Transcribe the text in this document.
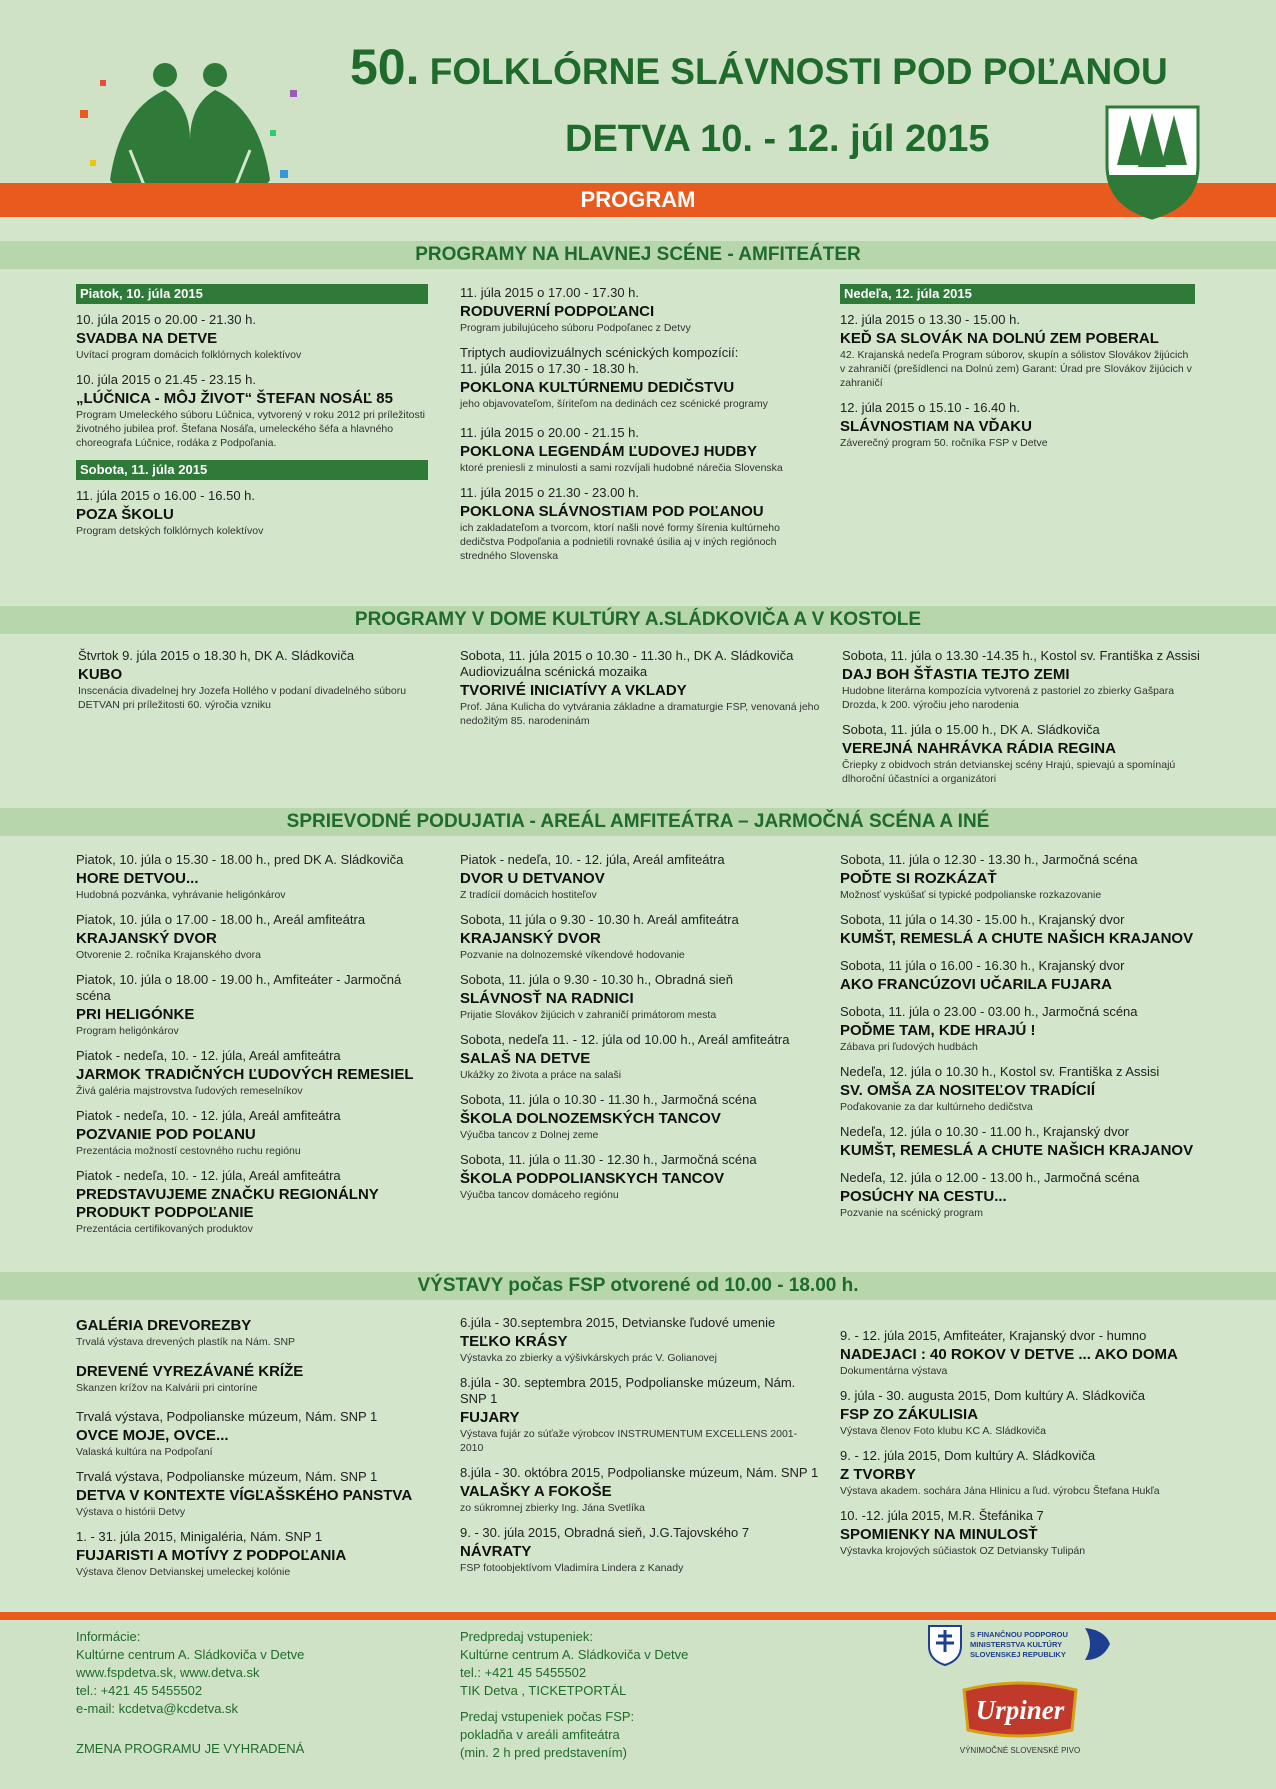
50. FOLKLÓRNE SLÁVNOSTI POD POĽANOU
DETVA 10. - 12. júl 2015
PROGRAM
PROGRAMY NA HLAVNEJ SCÉNE - AMFITEÁTER
Piatok, 10. júla 2015
10. júla 2015 o 20.00 - 21.30 h.
SVADBA NA DETVE
Uvítací program domácich folklórnych kolektívov
10. júla 2015 o 21.45 - 23.15 h.
„LÚČNICA - MÔJ ŽIVOT“ ŠTEFAN NOSÁĽ 85
Program Umeleckého súboru Lúčnica, vytvorený v roku 2012 pri príležitosti životného jubilea prof. Štefana Nosáľa, umeleckého šéfa a hlavného choreografa Lúčnice, rodáka z Podpoľania.
Sobota, 11. júla 2015
11. júla 2015 o 16.00 - 16.50 h.
POZA ŠKOLU
Program detských folklórnych kolektívov
11. júla 2015 o 17.00 - 17.30 h.
RODUVERNÍ PODPOĽANCI
Program jubilujúceho súboru Podpoľanec z Detvy
Triptych audiovizuálnych scénických kompozícií:
11. júla 2015 o 17.30 - 18.30 h.
POKLONA KULTÚRNEMU DEDIČSTVU
jeho objavovateľom, šíriteľom na dedinách cez scénické programy
11. júla 2015 o 20.00 - 21.15 h.
POKLONA LEGENDÁM ĽUDOVEJ HUDBY
ktoré preniesli z minulosti a sami rozvíjali hudobné nárečia Slovenska
11. júla 2015 o 21.30 - 23.00 h.
POKLONA SLÁVNOSTIAM POD POĽANOU
ich zakladateľom a tvorcom, ktorí našli nové formy šírenia kultúrneho dedičstva Podpoľania a podnietili rovnaké úsilia aj v iných regiónoch stredného Slovenska
Nedeľa, 12. júla 2015
12. júla 2015 o 13.30 - 15.00 h.
KEĎ SA SLOVÁK NA DOLNÚ ZEM POBERAL
42. Krajanská nedeľa Program súborov, skupín a sólistov Slovákov žijúcich v zahraničí (prešídlenci na Dolnú zem) Garant: Úrad pre Slovákov žijúcich v zahraničí
12. júla 2015 o 15.10 - 16.40 h.
SLÁVNOSTIAM NA VĎAKU
Záverečný program 50. ročníka FSP v Detve
PROGRAMY V DOME KULTÚRY A.SLÁDKOVIČA A V KOSTOLE
Štvrtok 9. júla 2015 o 18.30 h, DK A. Sládkoviča
KUBO
Inscenácia divadelnej hry Jozefa Hollého v podaní divadelného súboru DETVAN pri príležitosti 60. výročia vzniku
Sobota, 11. júla 2015 o 10.30 - 11.30 h., DK A. Sládkoviča
Audiovizuálna scénická mozaika
TVORIVÉ INICIATÍVY A VKLADY
Prof. Jána Kulicha do vytvárania základne a dramaturgie FSP, venovaná jeho nedožitým 85. narodeninám
Sobota, 11. júla o 13.30 -14.35 h., Kostol sv. Františka z Assisi
DAJ BOH ŠŤASTIA TEJTO ZEMI
Hudobne literárna kompozícia vytvorená z pastoriel zo zbierky Gašpara Drozda, k 200. výročiu jeho narodenia
Sobota, 11. júla o 15.00 h., DK A. Sládkoviča
VEREJNÁ NAHRÁVKA RÁDIA REGINA
Čriepky z obidvoch strán detvianskej scény Hrajú, spievajú a spomínajú dlhoroční účastníci a organizátori
SPRIEVODNÉ PODUJATIA - AREÁL AMFITEÁTRA – JARMOČNÁ SCÉNA A INÉ
Piatok, 10. júla o 15.30 - 18.00 h., pred DK A. Sládkoviča
HORE DETVOU...
Hudobná pozvánka, vyhrávanie heligónkárov
Piatok, 10. júla o 17.00 - 18.00 h., Areál amfiteátra
KRAJANSKÝ DVOR
Otvorenie 2. ročníka Krajanského dvora
Piatok, 10. júla o 18.00 - 19.00 h., Amfiteáter - Jarmočná scéna
PRI HELIGÓNKE
Program heligónkárov
Piatok - nedeľa, 10. - 12. júla, Areál amfiteátra
JARMOK TRADIČNÝCH ĽUDOVÝCH REMESIEL
Živá galéria majstrovstva ľudových remeselníkov
Piatok - nedeľa, 10. - 12. júla, Areál amfiteátra
POZVANIE POD POĽANU
Prezentácia možností cestovného ruchu regiónu
Piatok - nedeľa, 10. - 12. júla, Areál amfiteátra
PREDSTAVUJEME ZNAČKU REGIONÁLNY PRODUKT PODPOĽANIE
Prezentácia certifikovaných produktov
Piatok - nedeľa, 10. - 12. júla, Areál amfiteátra
DVOR U DETVANOV
Z tradícií domácich hostiteľov
Sobota, 11 júla o 9.30 - 10.30 h. Areál amfiteátra
KRAJANSKÝ DVOR
Pozvanie na dolnozemské víkendové hodovanie
Sobota, 11. júla o 9.30 - 10.30 h., Obradná sieň
SLÁVNOSŤ NA RADNICI
Prijatie Slovákov žijúcich v zahraničí primátorom mesta
Sobota, nedeľa 11. - 12. júla od 10.00 h., Areál amfiteátra
SALAŠ NA DETVE
Ukážky zo života a práce na salaši
Sobota, 11. júla o 10.30 - 11.30 h., Jarmočná scéna
ŠKOLA DOLNOZEMSKÝCH TANCOV
Výučba tancov z Dolnej zeme
Sobota, 11. júla o 11.30 - 12.30 h., Jarmočná scéna
ŠKOLA PODPOLIANSKYCH TANCOV
Výučba tancov domáceho regiónu
Sobota, 11. júla o 12.30 - 13.30 h., Jarmočná scéna
POĎTE SI ROZKÁZAŤ
Možnosť vyskúšať si typické podpolianske rozkazovanie
Sobota, 11 júla o 14.30 - 15.00 h., Krajanský dvor
KUMŠT, REMESLÁ A CHUTE NAŠICH KRAJANOV
Sobota, 11 júla o 16.00 - 16.30 h., Krajanský dvor
AKO FRANCÚZOVI UČARILA FUJARA
Sobota, 11. júla o 23.00 - 03.00 h., Jarmočná scéna
POĎME TAM, KDE HRAJÚ !
Zábava pri ľudových hudbách
Nedeľa, 12. júla o 10.30 h., Kostol sv. Františka z Assisi
SV. OMŠA ZA NOSITEĽOV TRADÍCIÍ
Poďakovanie za dar kultúrneho dedičstva
Nedeľa, 12. júla o 10.30 - 11.00 h., Krajanský dvor
KUMŠT, REMESLÁ A CHUTE NAŠICH KRAJANOV
Nedeľa, 12. júla o 12.00 - 13.00 h., Jarmočná scéna
POSÚCHY NA CESTU...
Pozvanie na scénický program
VÝSTAVY počas FSP otvorené od 10.00 - 18.00 h.
GALÉRIA DREVOREZBY
Trvalá výstava drevených plastík na Nám. SNP
DREVENÉ VYREZÁVANÉ KRÍŽE
Skanzen krížov na Kalvárii pri cintoríne
Trvalá výstava, Podpolianske múzeum, Nám. SNP 1
OVCE MOJE, OVCE...
Valaská kultúra na Podpoľaní
Trvalá výstava, Podpolianske múzeum, Nám. SNP 1
DETVA V KONTEXTE VÍGĽAŠSKÉHO PANSTVA
Výstava o histórii Detvy
1. - 31. júla 2015, Minigaléria, Nám. SNP 1
FUJARISTI A MOTÍVY Z PODPOĽANIA
Výstava členov Detvianskej umeleckej kolónie
6.júla - 30.septembra 2015, Detvianske ľudové umenie
TEĽKO KRÁSY
Výstavka zo zbierky a výšivkárskych prác V. Golianovej
8.júla - 30. septembra 2015, Podpolianske múzeum, Nám. SNP 1
FUJARY
Výstava fujár zo súťaže výrobcov INSTRUMENTUM EXCELLENS 2001-2010
8.júla - 30. októbra 2015, Podpolianske múzeum, Nám. SNP 1
VALAŠKY A FOKOŠE
zo súkromnej zbierky Ing. Jána Svetlíka
9. - 30. júla 2015, Obradná sieň, J.G.Tajovského 7
NÁVRATY
FSP fotoobjektívom Vladimíra Lindera z Kanady
9. - 12. júla 2015, Amfiteáter, Krajanský dvor - humno
NADEJACI : 40 ROKOV V DETVE ... AKO DOMA
Dokumentárna výstava
9. júla - 30. augusta 2015, Dom kultúry A. Sládkoviča
FSP ZO ZÁKULISIA
Výstava členov Foto klubu KC A. Sládkoviča
9. - 12. júla 2015, Dom kultúry A. Sládkoviča
Z TVORBY
Výstava akadem. sochára Jána Hlinicu a ľud. výrobcu Štefana Hukľa
10. -12. júla 2015, M.R. Štefánika 7
SPOMIENKY NA MINULOSŤ
Výstavka krojových súčiastok OZ Detviansky Tulipán
Informácie:
Kultúrne centrum A. Sládkoviča v Detve
www.fspdetva.sk, www.detva.sk
tel.: +421 45 5455502
e-mail: kcdetva@kcdetva.sk
ZMENA PROGRAMU JE VYHRADENÁ
Predpredaj vstupeniek:
Kultúrne centrum A. Sládkoviča v Detve
tel.: +421 45 5455502
TIK Detva , TICKETPORTÁL
Predaj vstupeniek počas FSP:
pokladňa v areáli amfiteátra
(min. 2 h pred predstavením)
S FINANČNOU PODPOROU MINISTERSTVA KULTÚRY SLOVENSKEJ REPUBLIKY
Urpiner
VÝNIMOČNÉ SLOVENSKÉ PIVO
